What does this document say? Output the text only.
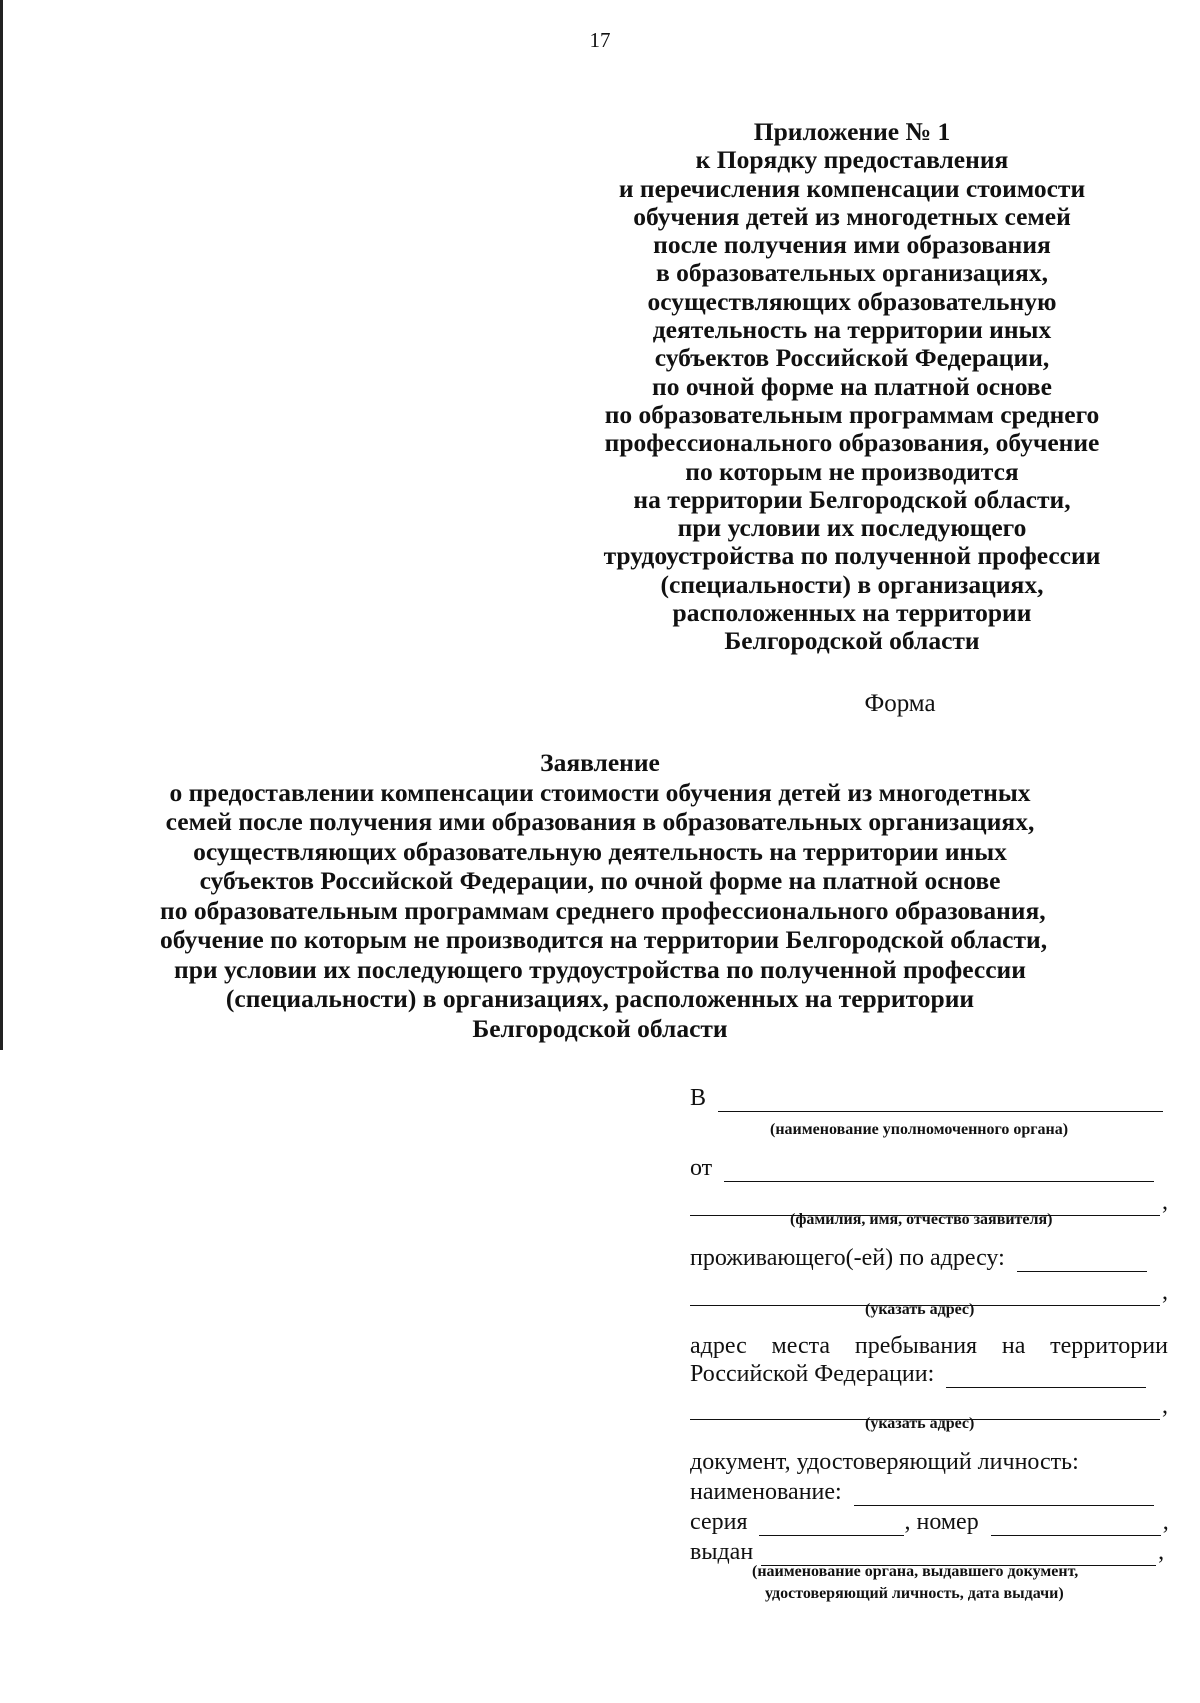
17
Приложение № 1
к Порядку предоставления
и перечисления компенсации стоимости
обучения детей из многодетных семей
после получения ими образования
в образовательных организациях,
осуществляющих образовательную
деятельность на территории иных
субъектов Российской Федерации,
по очной форме на платной основе
по образовательным программам среднего
профессионального образования, обучение
по которым не производится
на территории Белгородской области,
при условии их последующего
трудоустройства по полученной профессии
(специальности) в организациях,
расположенных на территории
Белгородской области
Форма
Заявление
о предоставлении компенсации стоимости обучения детей из многодетных
семей после получения ими образования в образовательных организациях,
осуществляющих образовательную деятельность на территории иных
субъектов Российской Федерации, по очной форме на платной основе
по образовательным программам среднего профессионального образования,
обучение по которым не производится на территории Белгородской области,
при условии их последующего трудоустройства по полученной профессии
(специальности) в организациях, расположенных на территории
Белгородской области
В
(наименование уполномоченного органа)
от
,
(фамилия, имя, отчество заявителя)
проживающего(-ей) по адресу:
,
(указать адрес)
адрес места пребывания на территории
Российской Федерации:
,
(указать адрес)
документ, удостоверяющий личность:
наименование:
серия	, номер	,
выдан	,
(наименование органа, выдавшего документ,
удостоверяющий личность, дата выдачи)
